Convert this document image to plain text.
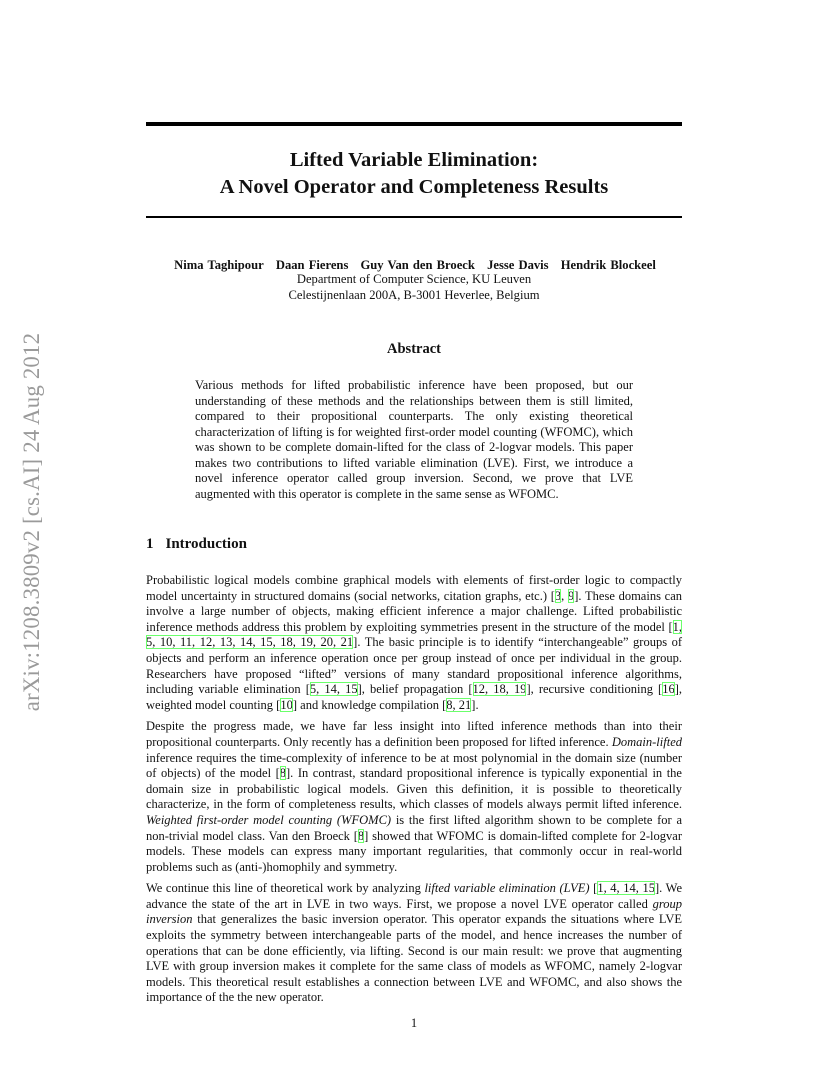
arXiv:1208.3809v2 [cs.AI] 24 Aug 2012
Lifted Variable Elimination:
A Novel Operator and Completeness Results
Nima Taghipour Daan Fierens Guy Van den Broeck Jesse Davis Hendrik Blockeel
Department of Computer Science, KU Leuven
Celestijnenlaan 200A, B-3001 Heverlee, Belgium
Abstract
Various methods for lifted probabilistic inference have been proposed, but our understanding of these methods and the relationships between them is still limited, compared to their propositional counterparts. The only existing theoretical characterization of lifting is for weighted first-order model counting (WFOMC), which was shown to be complete domain-lifted for the class of 2-logvar models. This paper makes two contributions to lifted variable elimination (LVE). First, we introduce a novel inference operator called group inversion. Second, we prove that LVE augmented with this operator is complete in the same sense as WFOMC.
1 Introduction

Probabilistic logical models combine graphical models with elements of first-order logic to compactly model uncertainty in structured domains (social networks, citation graphs, etc.) [3, 9]. These domains can involve a large number of objects, making efficient inference a major challenge. Lifted probabilistic inference methods address this problem by exploiting symmetries present in the structure of the model [1, 5, 10, 11, 12, 13, 14, 15, 18, 19, 20, 21]. The basic principle is to identify “interchangeable” groups of objects and perform an inference operation once per group instead of once per individual in the group. Researchers have proposed “lifted” versions of many standard propositional inference algorithms, including variable elimination [5, 14, 15], belief propagation [12, 18, 19], recursive conditioning [16], weighted model counting [10] and knowledge compilation [8, 21].

Despite the progress made, we have far less insight into lifted inference methods than into their propositional counterparts. Only recently has a definition been proposed for lifted inference. Domain-lifted inference requires the time-complexity of inference to be at most polynomial in the domain size (number of objects) of the model [8]. In contrast, standard propositional inference is typically exponential in the domain size in probabilistic logical models. Given this definition, it is possible to theoretically characterize, in the form of completeness results, which classes of models always permit lifted inference. Weighted first-order model counting (WFOMC) is the first lifted algorithm shown to be complete for a non-trivial model class. Van den Broeck [8] showed that WFOMC is domain-lifted complete for 2-logvar models. These models can express many important regularities, that commonly occur in real-world problems such as (anti-)homophily and symmetry.

We continue this line of theoretical work by analyzing lifted variable elimination (LVE) [1, 4, 14, 15]. We advance the state of the art in LVE in two ways. First, we propose a novel LVE operator called group inversion that generalizes the basic inversion operator. This operator expands the situations where LVE exploits the symmetry between interchangeable parts of the model, and hence increases the number of operations that can be done efficiently, via lifting. Second is our main result: we prove that augmenting LVE with group inversion makes it complete for the same class of models as WFOMC, namely 2-logvar models. This theoretical result establishes a connection between LVE and WFOMC, and also shows the importance of the the new operator.

1
